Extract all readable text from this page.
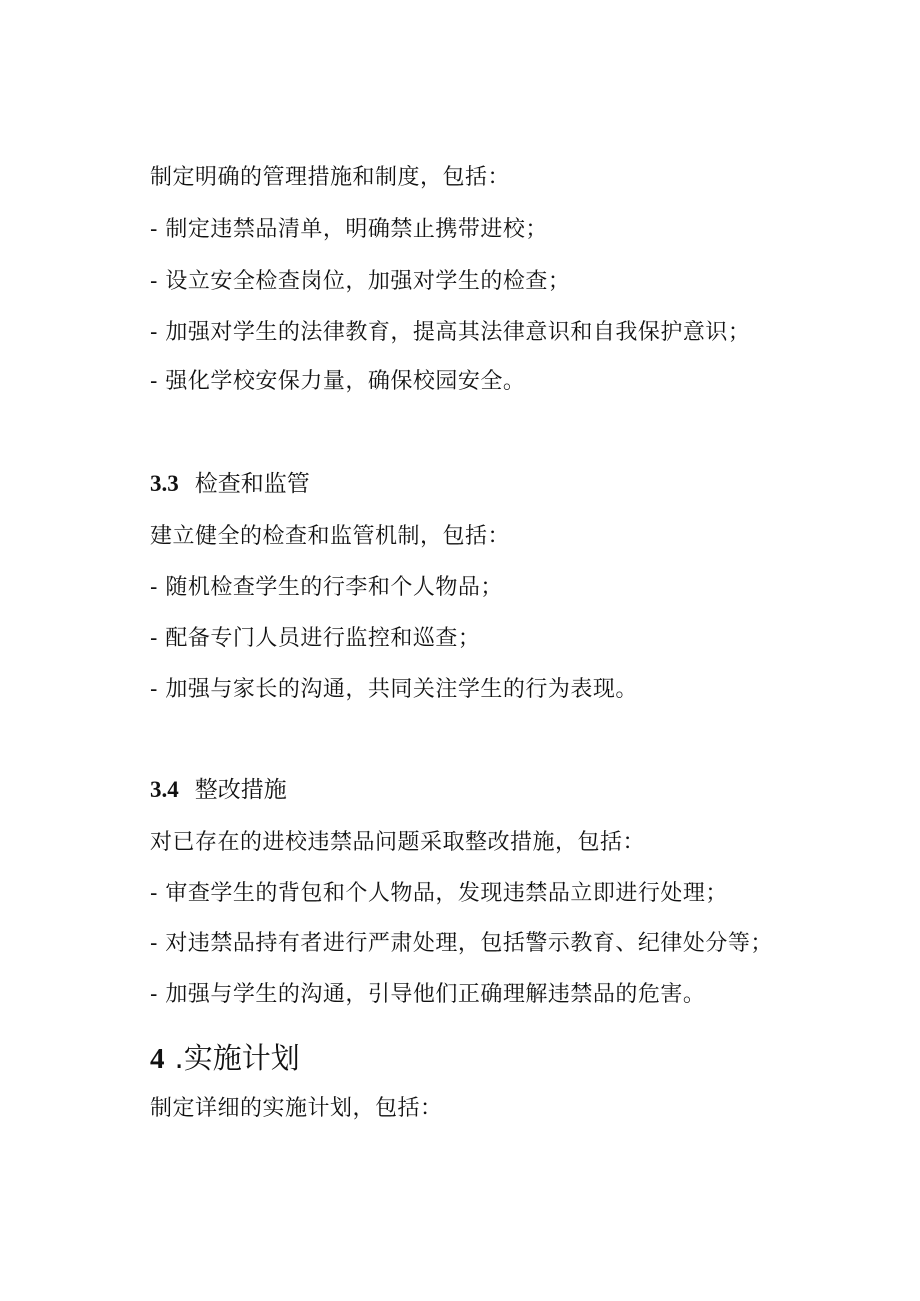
制定明确的管理措施和制度，包括：
- 制定违禁品清单，明确禁止携带进校；
- 设立安全检查岗位，加强对学生的检查；
- 加强对学生的法律教育，提高其法律意识和自我保护意识；
- 强化学校安保力量，确保校园安全。
3.3 检查和监管
建立健全的检查和监管机制，包括：
- 随机检查学生的行李和个人物品；
- 配备专门人员进行监控和巡查；
- 加强与家长的沟通，共同关注学生的行为表现。
3.4 整改措施
对已存在的进校违禁品问题采取整改措施，包括：
- 审查学生的背包和个人物品，发现违禁品立即进行处理；
- 对违禁品持有者进行严肃处理，包括警示教育、纪律处分等；
- 加强与学生的沟通，引导他们正确理解违禁品的危害。
4 .实施计划
制定详细的实施计划，包括：
